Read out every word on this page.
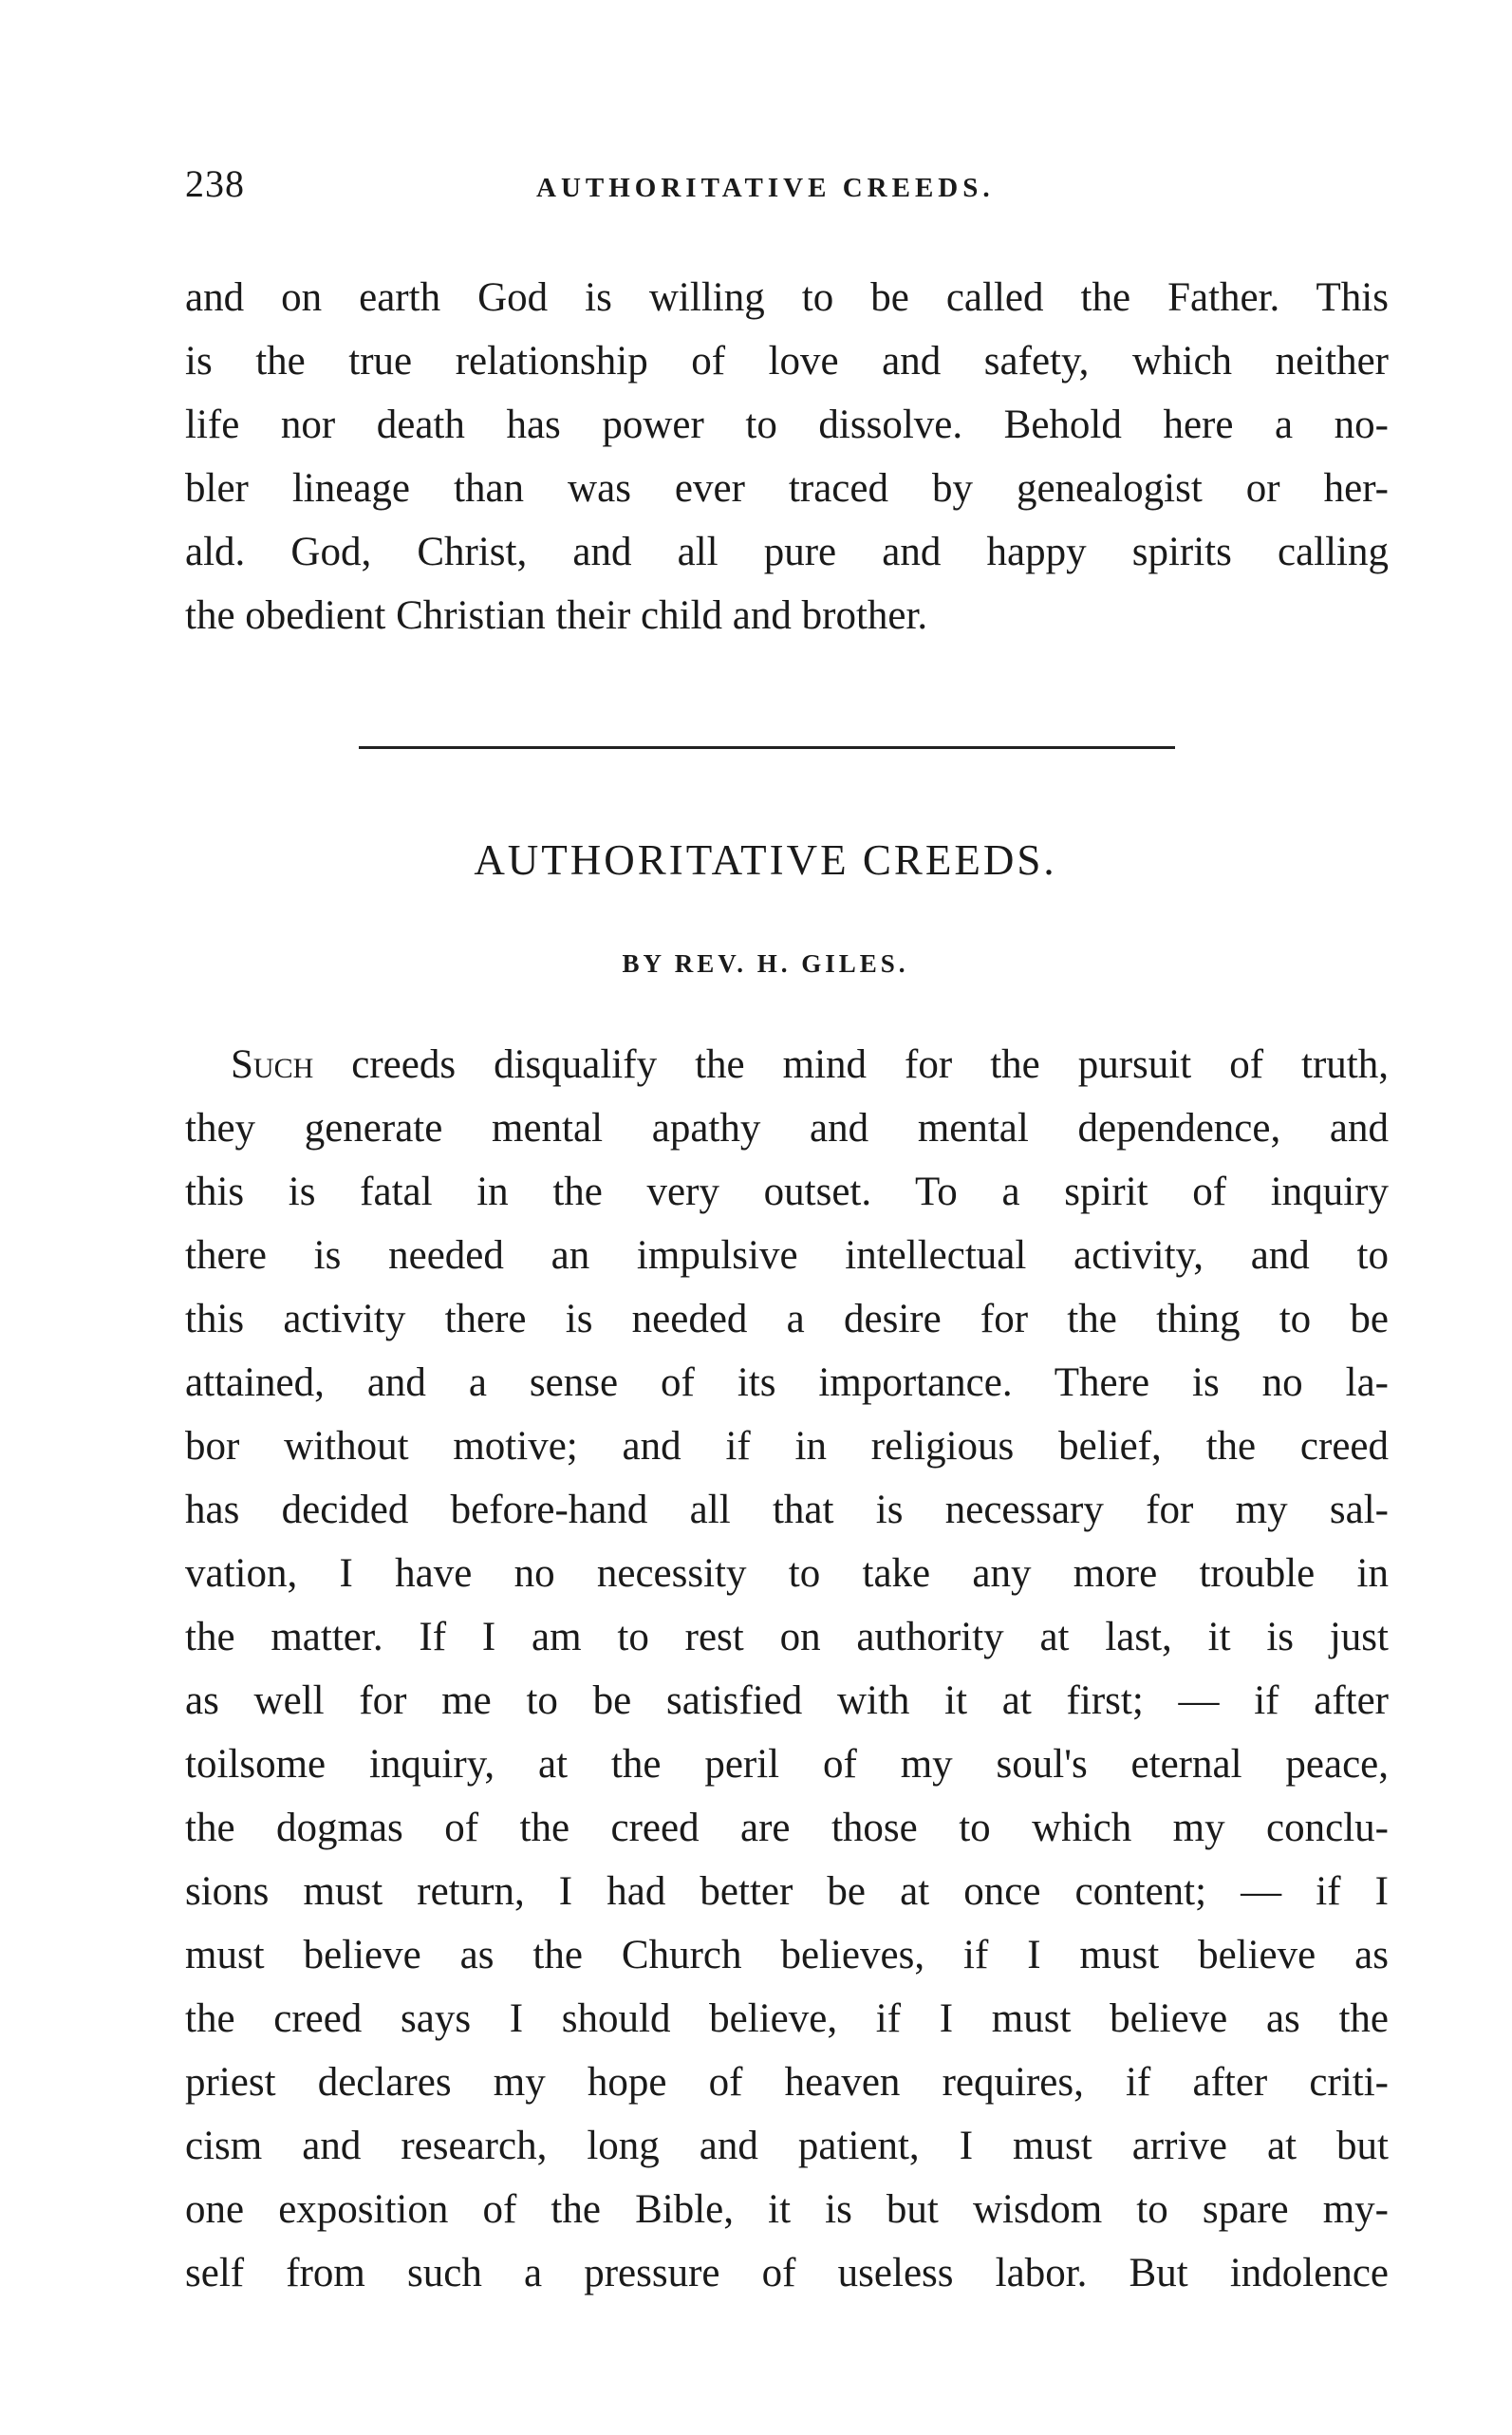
238	AUTHORITATIVE CREEDS.
and on earth God is willing to be called the Father. This
is the true relationship of love and safety, which neither
life nor death has power to dissolve. Behold here a no-
bler lineage than was ever traced by genealogist or her-
ald. God, Christ, and all pure and happy spirits calling
the obedient Christian their child and brother.
AUTHORITATIVE CREEDS.
BY REV. H. GILES.
Such creeds disqualify the mind for the pursuit of truth,
they generate mental apathy and mental dependence, and
this is fatal in the very outset. To a spirit of inquiry
there is needed an impulsive intellectual activity, and to
this activity there is needed a desire for the thing to be
attained, and a sense of its importance. There is no la-
bor without motive; and if in religious belief, the creed
has decided before-hand all that is necessary for my sal-
vation, I have no necessity to take any more trouble in
the matter. If I am to rest on authority at last, it is just
as well for me to be satisfied with it at first; — if after
toilsome inquiry, at the peril of my soul's eternal peace,
the dogmas of the creed are those to which my conclu-
sions must return, I had better be at once content; — if I
must believe as the Church believes, if I must believe as
the creed says I should believe, if I must believe as the
priest declares my hope of heaven requires, if after criti-
cism and research, long and patient, I must arrive at but
one exposition of the Bible, it is but wisdom to spare my-
self from such a pressure of useless labor. But indolence
